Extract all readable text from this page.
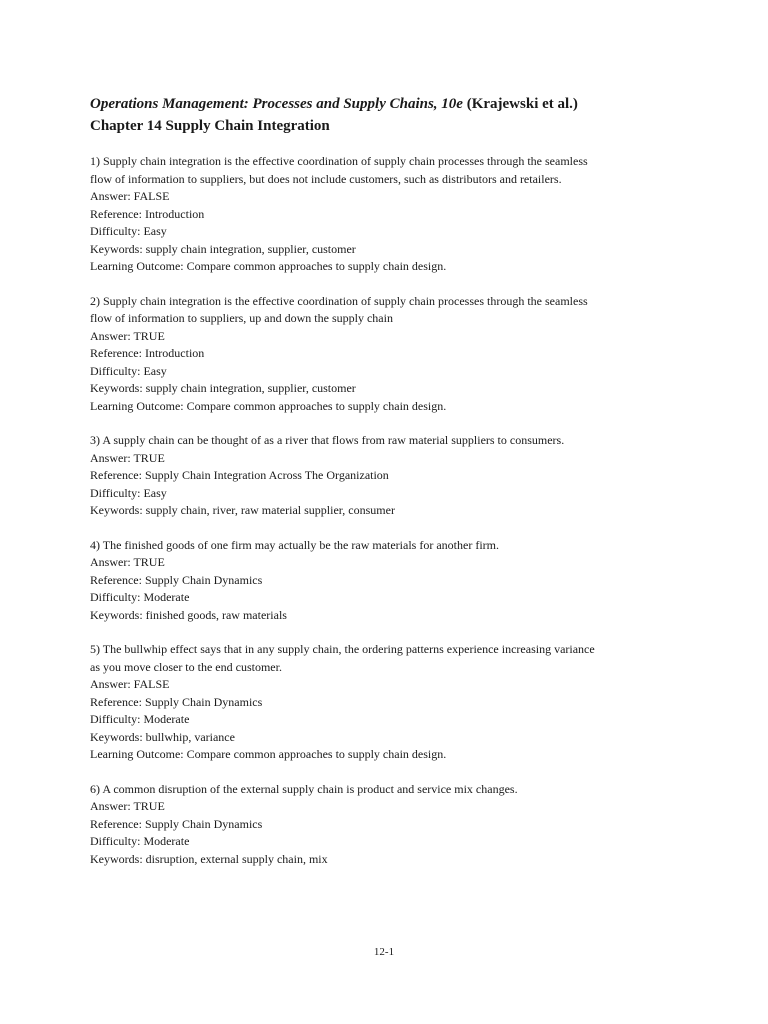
Operations Management: Processes and Supply Chains, 10e (Krajewski et al.)
Chapter 14 Supply Chain Integration
1) Supply chain integration is the effective coordination of supply chain processes through the seamless
flow of information to suppliers, but does not include customers, such as distributors and retailers.
Answer: FALSE
Reference: Introduction
Difficulty: Easy
Keywords: supply chain integration, supplier, customer
Learning Outcome: Compare common approaches to supply chain design.
2) Supply chain integration is the effective coordination of supply chain processes through the seamless
flow of information to suppliers, up and down the supply chain
Answer: TRUE
Reference: Introduction
Difficulty: Easy
Keywords: supply chain integration, supplier, customer
Learning Outcome: Compare common approaches to supply chain design.
3) A supply chain can be thought of as a river that flows from raw material suppliers to consumers.
Answer: TRUE
Reference: Supply Chain Integration Across The Organization
Difficulty: Easy
Keywords: supply chain, river, raw material supplier, consumer
4) The finished goods of one firm may actually be the raw materials for another firm.
Answer: TRUE
Reference: Supply Chain Dynamics
Difficulty: Moderate
Keywords: finished goods, raw materials
5) The bullwhip effect says that in any supply chain, the ordering patterns experience increasing variance
as you move closer to the end customer.
Answer: FALSE
Reference: Supply Chain Dynamics
Difficulty: Moderate
Keywords: bullwhip, variance
Learning Outcome: Compare common approaches to supply chain design.
6) A common disruption of the external supply chain is product and service mix changes.
Answer: TRUE
Reference: Supply Chain Dynamics
Difficulty: Moderate
Keywords: disruption, external supply chain, mix
12-1
